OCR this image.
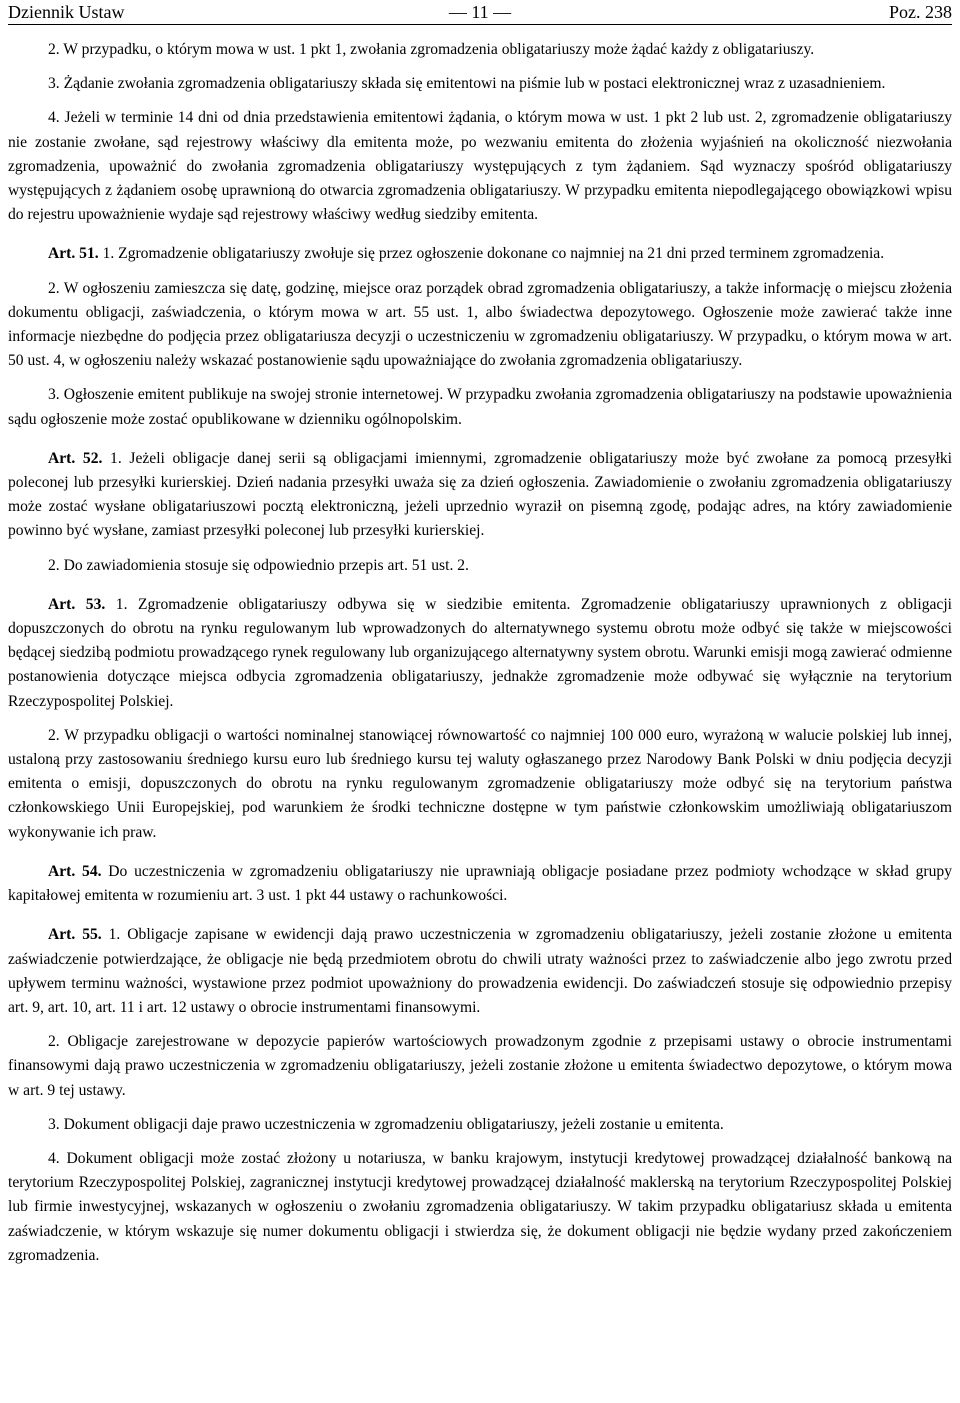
Dziennik Ustaw	— 11 —	Poz. 238

2. W przypadku, o którym mowa w ust. 1 pkt 1, zwołania zgromadzenia obligatariuszy może żądać każdy z obligatariuszy.

3. Żądanie zwołania zgromadzenia obligatariuszy składa się emitentowi na piśmie lub w postaci elektronicznej wraz z uzasadnieniem.

4. Jeżeli w terminie 14 dni od dnia przedstawienia emitentowi żądania, o którym mowa w ust. 1 pkt 2 lub ust. 2, zgromadzenie obligatariuszy nie zostanie zwołane, sąd rejestrowy właściwy dla emitenta może, po wezwaniu emitenta do złożenia wyjaśnień na okoliczność niezwołania zgromadzenia, upoważnić do zwołania zgromadzenia obligatariuszy występujących z tym żądaniem. Sąd wyznaczy spośród obligatariuszy występujących z żądaniem osobę uprawnioną do otwarcia zgromadzenia obligatariuszy. W przypadku emitenta niepodlegającego obowiązkowi wpisu do rejestru upoważnienie wydaje sąd rejestrowy właściwy według siedziby emitenta.

Art. 51. 1. Zgromadzenie obligatariuszy zwołuje się przez ogłoszenie dokonane co najmniej na 21 dni przed terminem zgromadzenia.

2. W ogłoszeniu zamieszcza się datę, godzinę, miejsce oraz porządek obrad zgromadzenia obligatariuszy, a także informację o miejscu złożenia dokumentu obligacji, zaświadczenia, o którym mowa w art. 55 ust. 1, albo świadectwa depozytowego. Ogłoszenie może zawierać także inne informacje niezbędne do podjęcia przez obligatariusza decyzji o uczestniczeniu w zgromadzeniu obligatariuszy. W przypadku, o którym mowa w art. 50 ust. 4, w ogłoszeniu należy wskazać postanowienie sądu upoważniające do zwołania zgromadzenia obligatariuszy.

3. Ogłoszenie emitent publikuje na swojej stronie internetowej. W przypadku zwołania zgromadzenia obligatariuszy na podstawie upoważnienia sądu ogłoszenie może zostać opublikowane w dzienniku ogólnopolskim.

Art. 52. 1. Jeżeli obligacje danej serii są obligacjami imiennymi, zgromadzenie obligatariuszy może być zwołane za pomocą przesyłki poleconej lub przesyłki kurierskiej. Dzień nadania przesyłki uważa się za dzień ogłoszenia. Zawiadomienie o zwołaniu zgromadzenia obligatariuszy może zostać wysłane obligatariuszowi pocztą elektroniczną, jeżeli uprzednio wyraził on pisemną zgodę, podając adres, na który zawiadomienie powinno być wysłane, zamiast przesyłki poleconej lub przesyłki kurierskiej.

2. Do zawiadomienia stosuje się odpowiednio przepis art. 51 ust. 2.

Art. 53. 1. Zgromadzenie obligatariuszy odbywa się w siedzibie emitenta. Zgromadzenie obligatariuszy uprawnionych z obligacji dopuszczonych do obrotu na rynku regulowanym lub wprowadzonych do alternatywnego systemu obrotu może odbyć się także w miejscowości będącej siedzibą podmiotu prowadzącego rynek regulowany lub organizującego alternatywny system obrotu. Warunki emisji mogą zawierać odmienne postanowienia dotyczące miejsca odbycia zgromadzenia obligatariuszy, jednakże zgromadzenie może odbywać się wyłącznie na terytorium Rzeczypospolitej Polskiej.

2. W przypadku obligacji o wartości nominalnej stanowiącej równowartość co najmniej 100 000 euro, wyrażoną w walucie polskiej lub innej, ustaloną przy zastosowaniu średniego kursu euro lub średniego kursu tej waluty ogłaszanego przez Narodowy Bank Polski w dniu podjęcia decyzji emitenta o emisji, dopuszczonych do obrotu na rynku regulowanym zgromadzenie obligatariuszy może odbyć się na terytorium państwa członkowskiego Unii Europejskiej, pod warunkiem że środki techniczne dostępne w tym państwie członkowskim umożliwiają obligatariuszom wykonywanie ich praw.

Art. 54. Do uczestniczenia w zgromadzeniu obligatariuszy nie uprawniają obligacje posiadane przez podmioty wchodzące w skład grupy kapitałowej emitenta w rozumieniu art. 3 ust. 1 pkt 44 ustawy o rachunkowości.

Art. 55. 1. Obligacje zapisane w ewidencji dają prawo uczestniczenia w zgromadzeniu obligatariuszy, jeżeli zostanie złożone u emitenta zaświadczenie potwierdzające, że obligacje nie będą przedmiotem obrotu do chwili utraty ważności przez to zaświadczenie albo jego zwrotu przed upływem terminu ważności, wystawione przez podmiot upoważniony do prowadzenia ewidencji. Do zaświadczeń stosuje się odpowiednio przepisy art. 9, art. 10, art. 11 i art. 12 ustawy o obrocie instrumentami finansowymi.

2. Obligacje zarejestrowane w depozycie papierów wartościowych prowadzonym zgodnie z przepisami ustawy o obrocie instrumentami finansowymi dają prawo uczestniczenia w zgromadzeniu obligatariuszy, jeżeli zostanie złożone u emitenta świadectwo depozytowe, o którym mowa w art. 9 tej ustawy.

3. Dokument obligacji daje prawo uczestniczenia w zgromadzeniu obligatariuszy, jeżeli zostanie u emitenta.

4. Dokument obligacji może zostać złożony u notariusza, w banku krajowym, instytucji kredytowej prowadzącej działalność bankową na terytorium Rzeczypospolitej Polskiej, zagranicznej instytucji kredytowej prowadzącej działalność maklerską na terytorium Rzeczypospolitej Polskiej lub firmie inwestycyjnej, wskazanych w ogłoszeniu o zwołaniu zgromadzenia obligatariuszy. W takim przypadku obligatariusz składa u emitenta zaświadczenie, w którym wskazuje się numer dokumentu obligacji i stwierdza się, że dokument obligacji nie będzie wydany przed zakończeniem zgromadzenia.
